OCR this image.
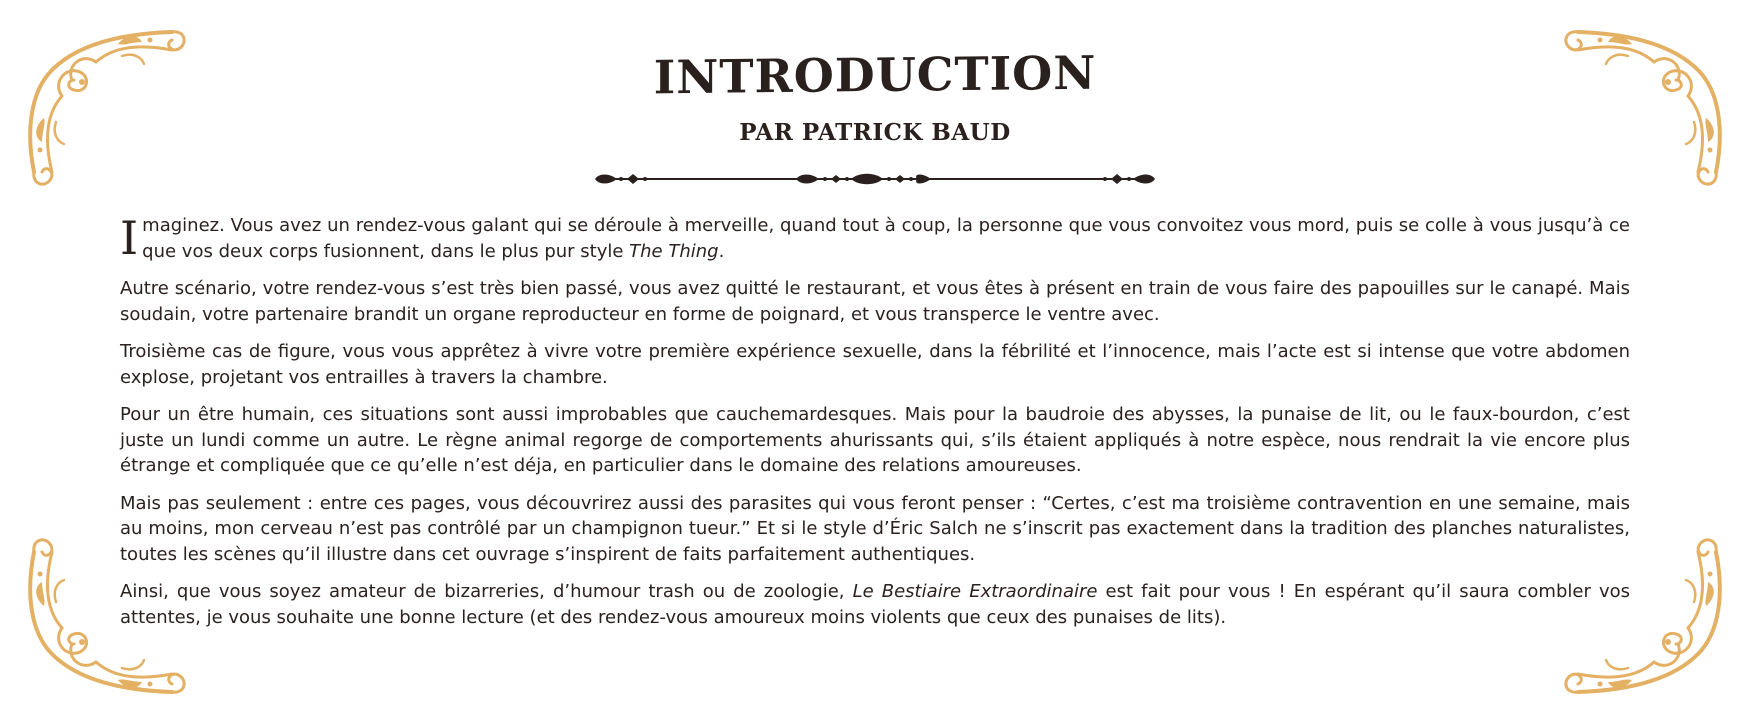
INTRODUCTION
PAR PATRICK BAUD

Imaginez. Vous avez un rendez-vous galant qui se déroule à merveille, quand tout à coup, la personne que vous convoitez vous mord, puis se colle à vous jusqu’à ce que vos deux corps fusionnent, dans le plus pur style The Thing.

Autre scénario, votre rendez-vous s’est très bien passé, vous avez quitté le restaurant, et vous êtes à présent en train de vous faire des papouilles sur le canapé. Mais soudain, votre partenaire brandit un organe reproducteur en forme de poignard, et vous transperce le ventre avec.

Troisième cas de figure, vous vous apprêtez à vivre votre première expérience sexuelle, dans la fébrilité et l’innocence, mais l’acte est si intense que votre abdomen explose, projetant vos entrailles à travers la chambre.

Pour un être humain, ces situations sont aussi improbables que cauchemardesques. Mais pour la baudroie des abysses, la punaise de lit, ou le faux-bourdon, c’est juste un lundi comme un autre. Le règne animal regorge de comportements ahurissants qui, s’ils étaient appliqués à notre espèce, nous rendrait la vie encore plus étrange et compliquée que ce qu’elle n’est déja, en particulier dans le domaine des relations amoureuses.

Mais pas seulement : entre ces pages, vous découvrirez aussi des parasites qui vous feront penser : “Certes, c’est ma troisième contravention en une semaine, mais au moins, mon cerveau n’est pas contrôlé par un champignon tueur.” Et si le style d’Éric Salch ne s’inscrit pas exactement dans la tradition des planches naturalistes, toutes les scènes qu’il illustre dans cet ouvrage s’inspirent de faits parfaitement authentiques.

Ainsi, que vous soyez amateur de bizarreries, d’humour trash ou de zoologie, Le Bestiaire Extraordinaire est fait pour vous ! En espérant qu’il saura combler vos attentes, je vous souhaite une bonne lecture (et des rendez-vous amoureux moins violents que ceux des punaises de lits).
